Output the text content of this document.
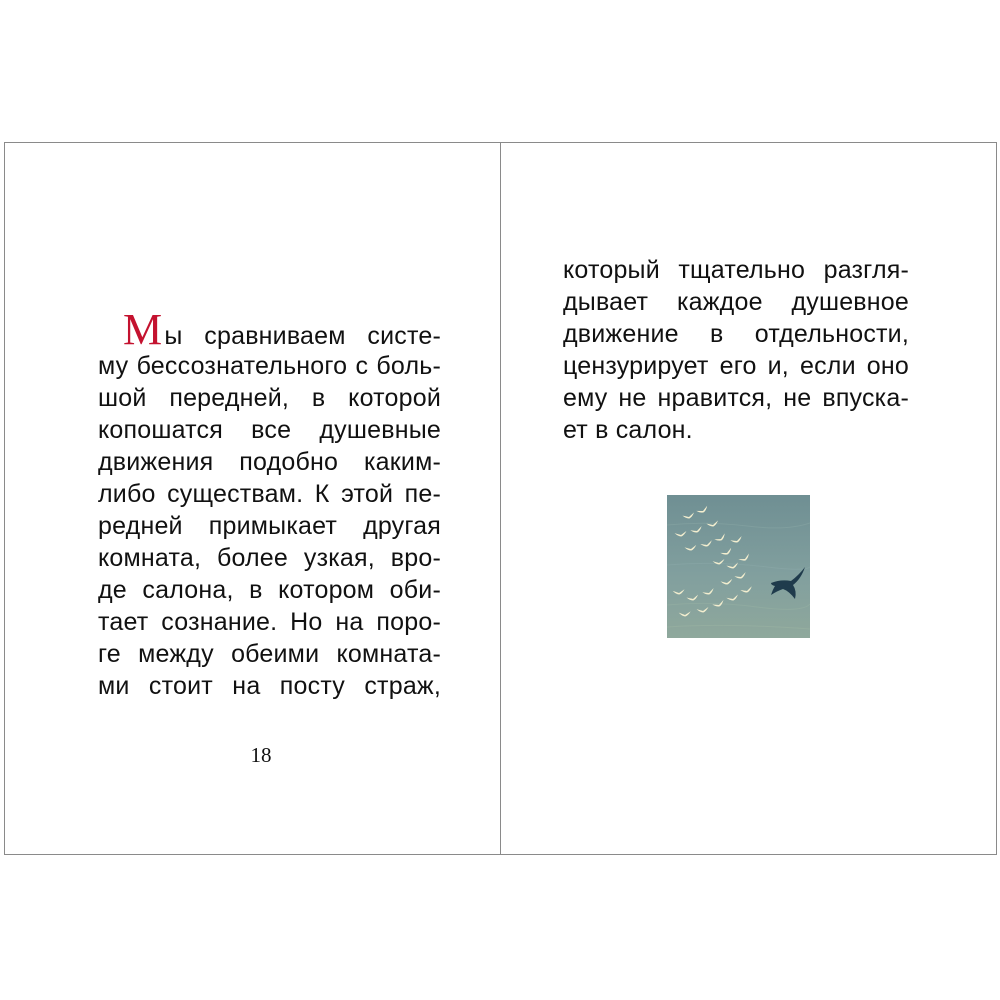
Мы сравниваем систе-
му бессознательного с боль-
шой передней, в которой
копошатся все душевные
движения подобно каким-
либо существам. К этой пе-
редней примыкает другая
комната, более узкая, вро-
де салона, в котором оби-
тает сознание. Но на поро-
ге между обеими комната-
ми стоит на посту страж,
18
который тщательно разгля-
дывает каждое душевное
движение в отдельности,
цензурирует его и, если оно
ему не нравится, не впуска-
ет в салон.
